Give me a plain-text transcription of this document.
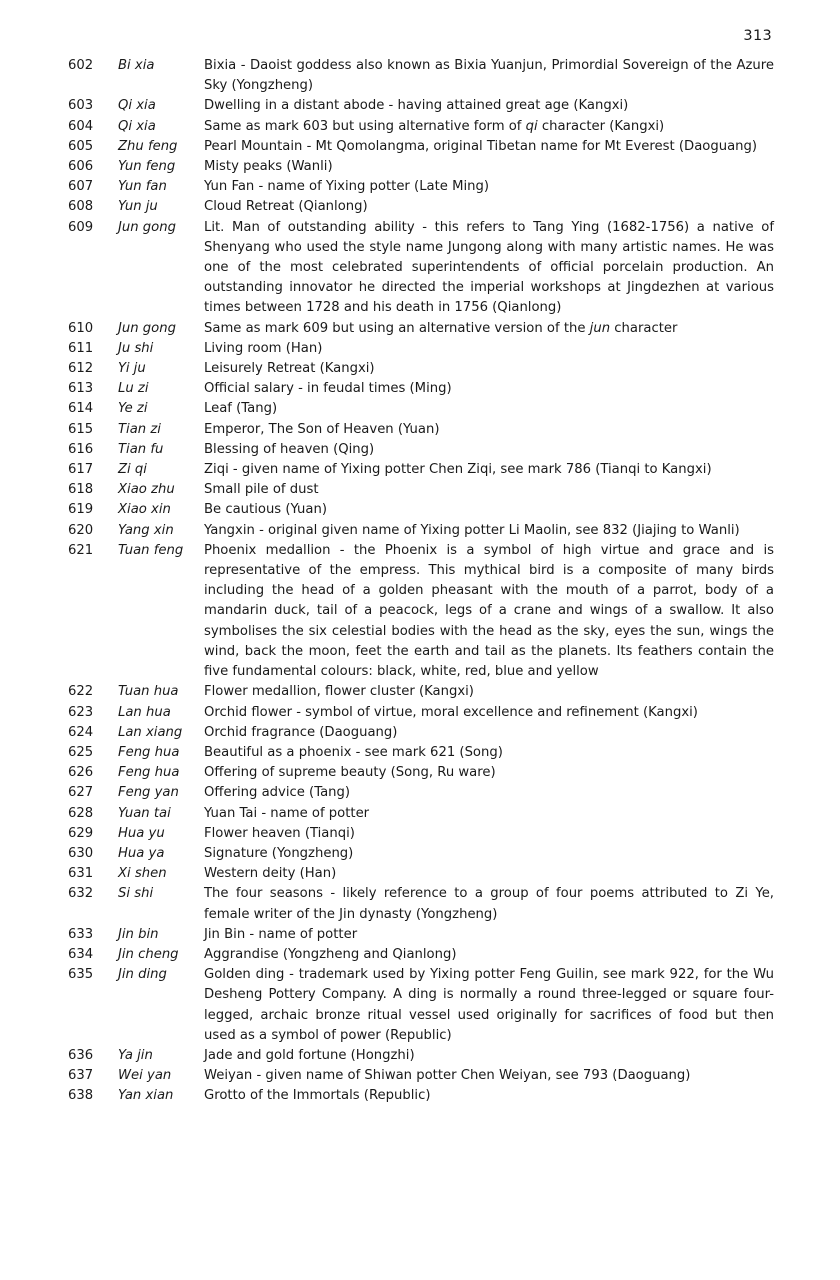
313
602	Bi xia	Bixia - Daoist goddess also known as Bixia Yuanjun, Primordial Sovereign of the Azure Sky (Yongzheng)
603	Qi xia	Dwelling in a distant abode - having attained great age (Kangxi)
604	Qi xia	Same as mark 603 but using alternative form of qi character (Kangxi)
605	Zhu feng	Pearl Mountain - Mt Qomolangma, original Tibetan name for Mt Everest (Daoguang)
606	Yun feng	Misty peaks (Wanli)
607	Yun fan	Yun Fan - name of Yixing potter (Late Ming)
608	Yun ju	Cloud Retreat (Qianlong)
609	Jun gong	Lit. Man of outstanding ability - this refers to Tang Ying (1682-1756) a native of Shenyang who used the style name Jungong along with many artistic names. He was one of the most celebrated superintendents of official porcelain production. An outstanding innovator he directed the imperial workshops at Jingdezhen at various times between 1728 and his death in 1756 (Qianlong)
610	Jun gong	Same as mark 609 but using an alternative version of the jun character
611	Ju shi	Living room (Han)
612	Yi ju	Leisurely Retreat (Kangxi)
613	Lu zi	Official salary - in feudal times (Ming)
614	Ye zi	Leaf (Tang)
615	Tian zi	Emperor, The Son of Heaven (Yuan)
616	Tian fu	Blessing of heaven (Qing)
617	Zi qi	Ziqi - given name of Yixing potter Chen Ziqi, see mark 786 (Tianqi to Kangxi)
618	Xiao zhu	Small pile of dust
619	Xiao xin	Be cautious (Yuan)
620	Yang xin	Yangxin - original given name of Yixing potter Li Maolin, see 832 (Jiajing to Wanli)
621	Tuan feng	Phoenix medallion - the Phoenix is a symbol of high virtue and grace and is representative of the empress. This mythical bird is a composite of many birds including the head of a golden pheasant with the mouth of a parrot, body of a mandarin duck, tail of a peacock, legs of a crane and wings of a swallow. It also symbolises the six celestial bodies with the head as the sky, eyes the sun, wings the wind, back the moon, feet the earth and tail as the planets. Its feathers contain the five fundamental colours: black, white, red, blue and yellow
622	Tuan hua	Flower medallion, flower cluster (Kangxi)
623	Lan hua	Orchid flower - symbol of virtue, moral excellence and refinement (Kangxi)
624	Lan xiang	Orchid fragrance (Daoguang)
625	Feng hua	Beautiful as a phoenix - see mark 621 (Song)
626	Feng hua	Offering of supreme beauty (Song, Ru ware)
627	Feng yan	Offering advice (Tang)
628	Yuan tai	Yuan Tai - name of potter
629	Hua yu	Flower heaven (Tianqi)
630	Hua ya	Signature (Yongzheng)
631	Xi shen	Western deity (Han)
632	Si shi	The four seasons - likely reference to a group of four poems attributed to Zi Ye, female writer of the Jin dynasty (Yongzheng)
633	Jin bin	Jin Bin - name of potter
634	Jin cheng	Aggrandise (Yongzheng and Qianlong)
635	Jin ding	Golden ding - trademark used by Yixing potter Feng Guilin, see mark 922, for the Wu Desheng Pottery Company. A ding is normally a round three-legged or square four-legged, archaic bronze ritual vessel used originally for sacrifices of food but then used as a symbol of power (Republic)
636	Ya jin	Jade and gold fortune (Hongzhi)
637	Wei yan	Weiyan - given name of Shiwan potter Chen Weiyan, see 793 (Daoguang)
638	Yan xian	Grotto of the Immortals (Republic)
